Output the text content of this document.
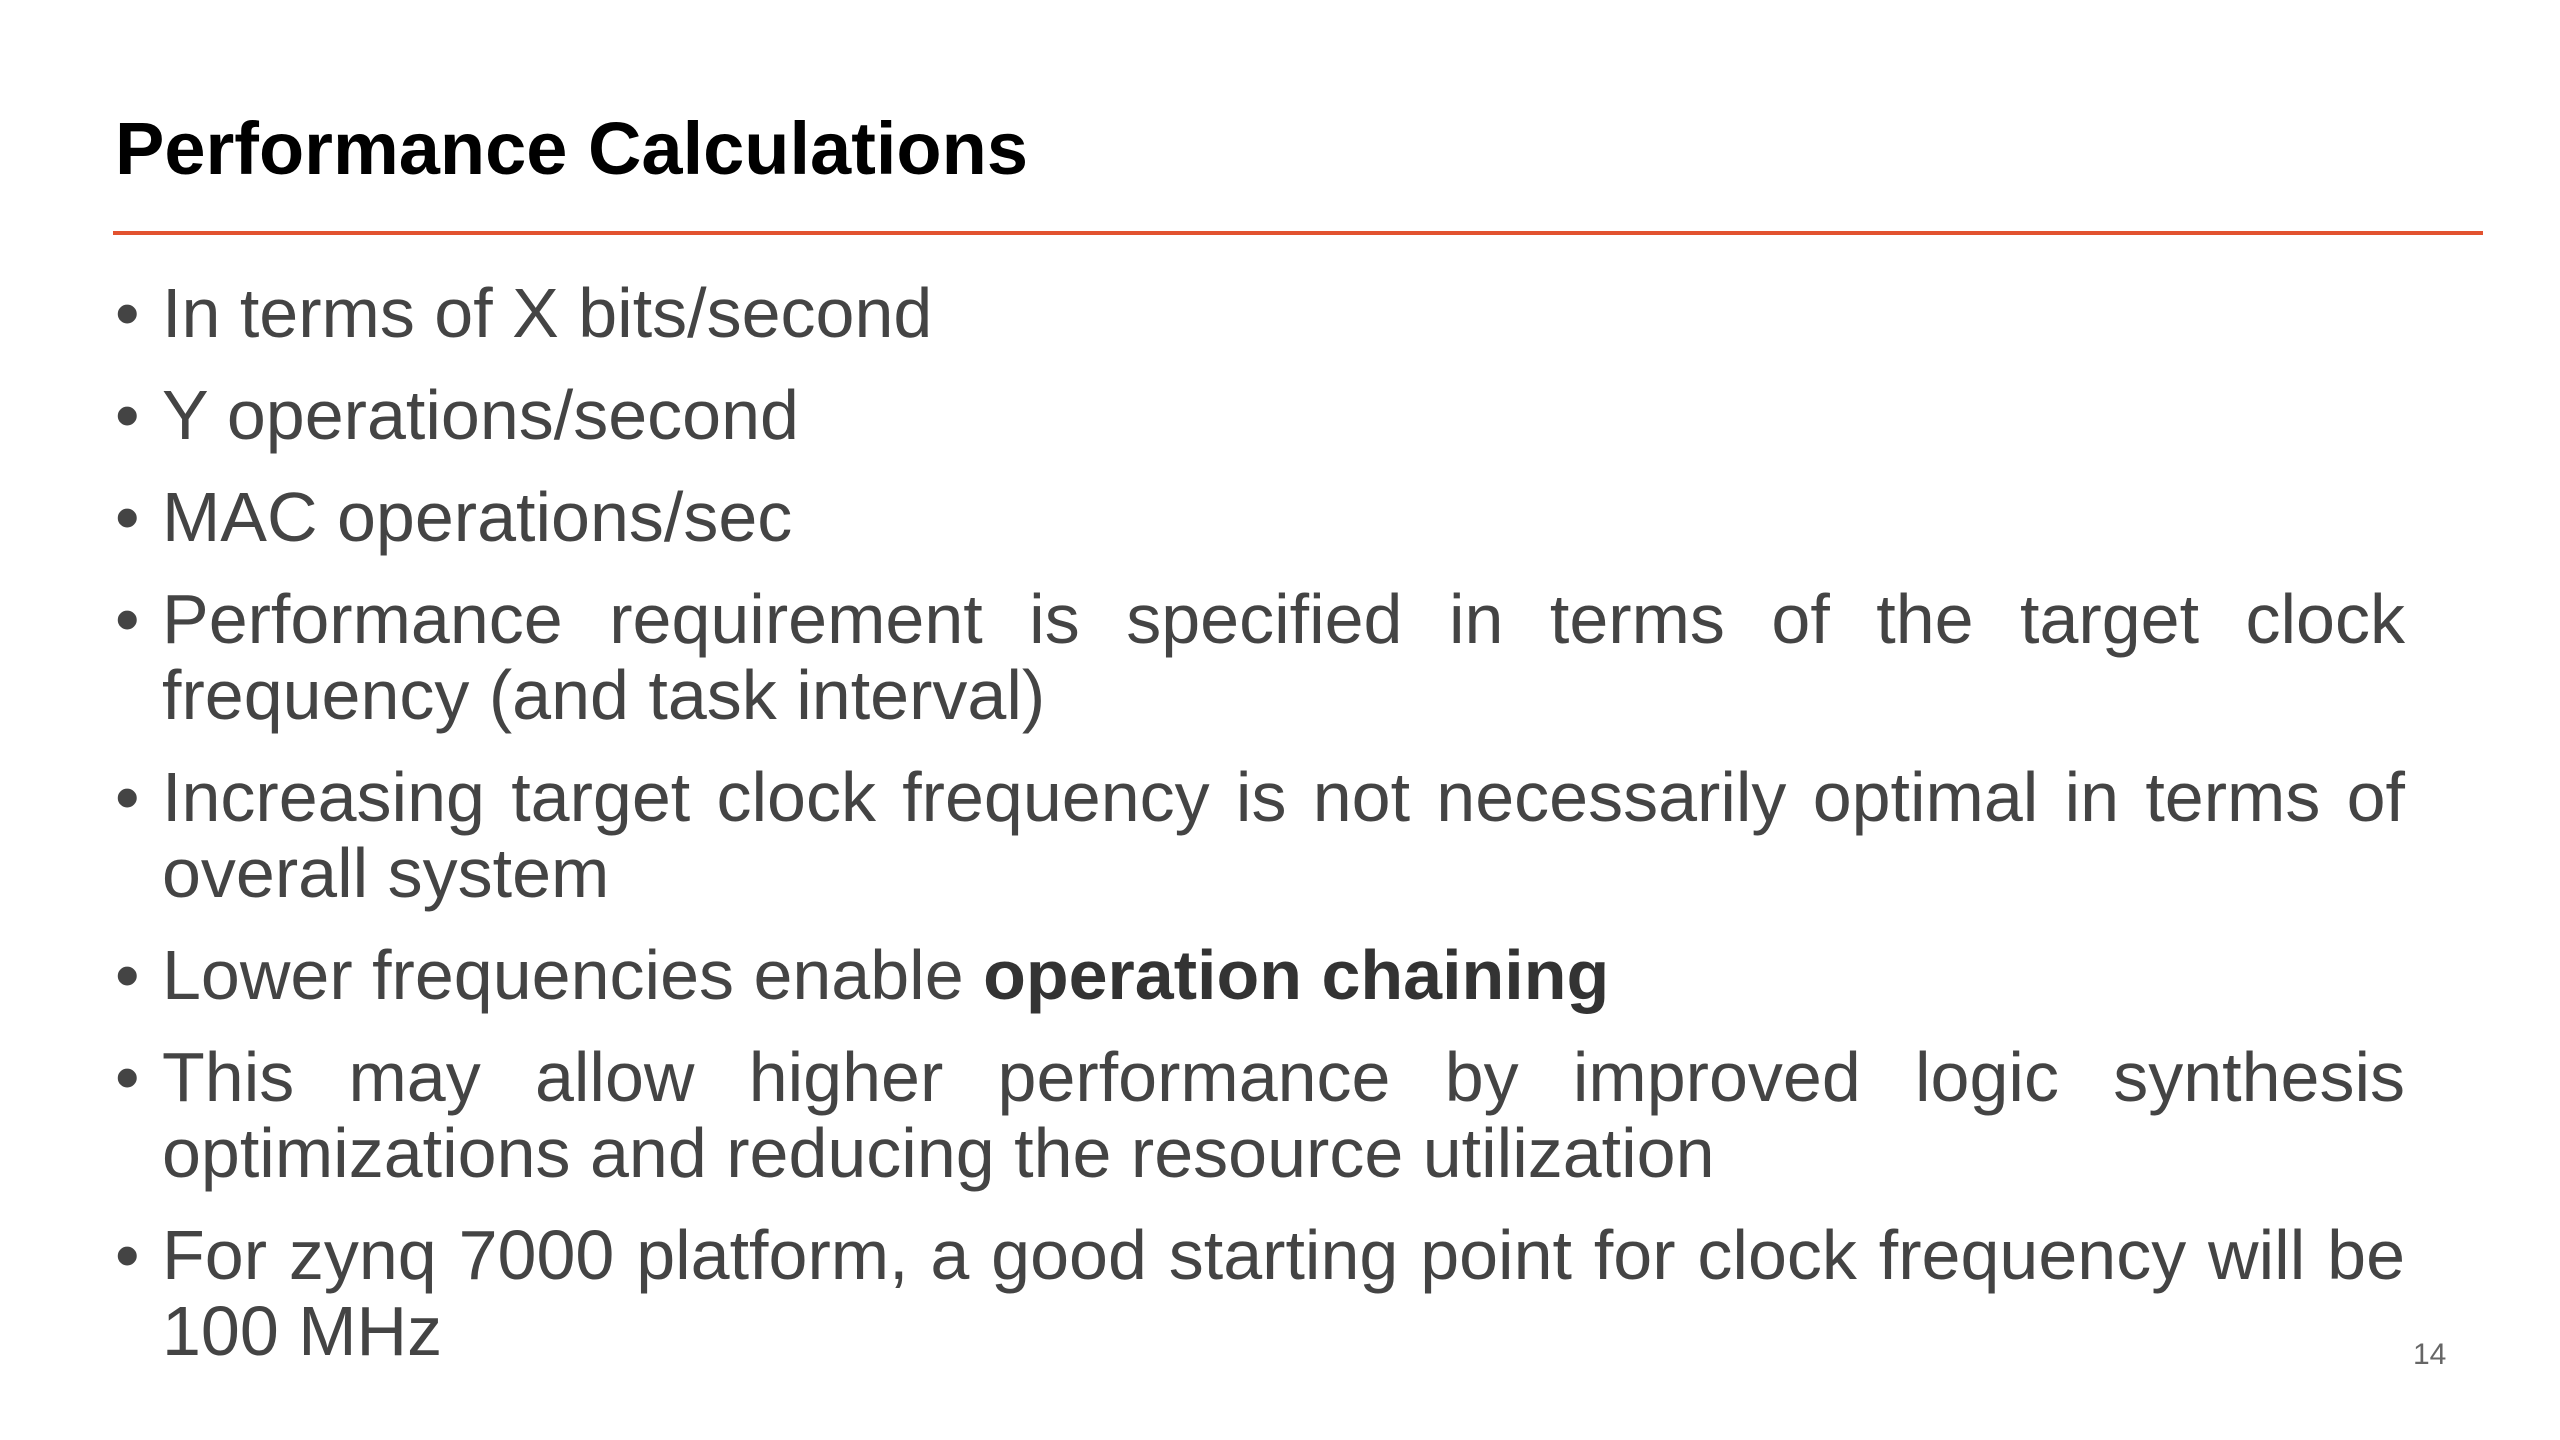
Performance Calculations
• In terms of X bits/second
• Y operations/second
• MAC operations/sec
• Performance requirement is specified in terms of the target clock frequency (and task interval)
• Increasing target clock frequency is not necessarily optimal in terms of overall system
• Lower frequencies enable operation chaining
• This may allow higher performance by improved logic synthesis optimizations and reducing the resource utilization
• For zynq 7000 platform, a good starting point for clock frequency will be 100 MHz	14
